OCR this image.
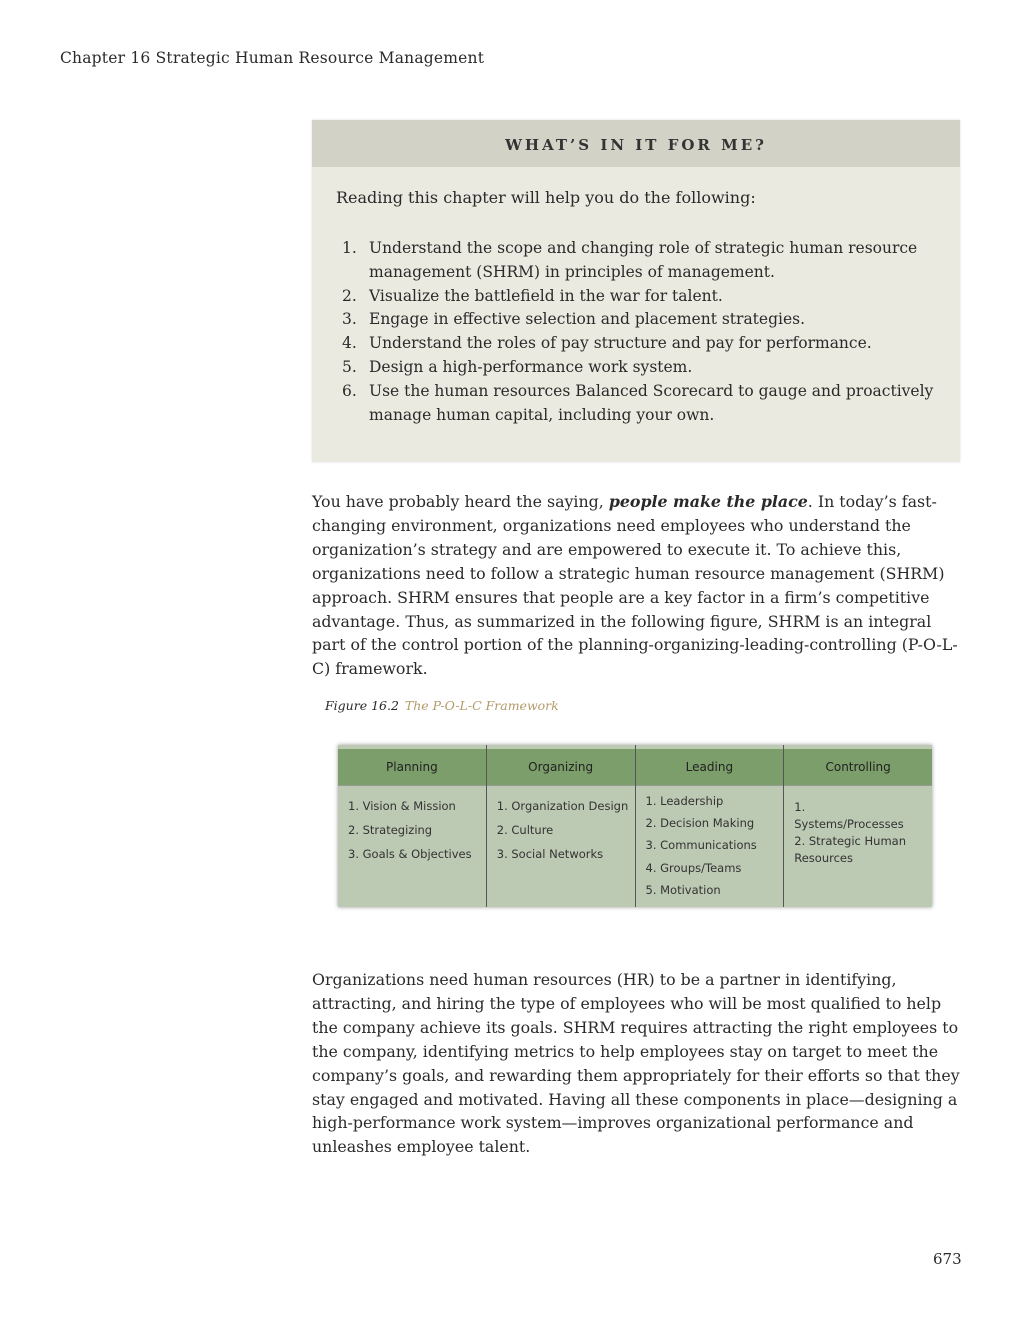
Chapter 16 Strategic Human Resource Management
WHAT’S IN IT FOR ME?
Reading this chapter will help you do the following:
1. Understand the scope and changing role of strategic human resource management (SHRM) in principles of management.
2. Visualize the battlefield in the war for talent.
3. Engage in effective selection and placement strategies.
4. Understand the roles of pay structure and pay for performance.
5. Design a high-performance work system.
6. Use the human resources Balanced Scorecard to gauge and proactively manage human capital, including your own.
You have probably heard the saying, people make the place. In today’s fast-changing environment, organizations need employees who understand the organization’s strategy and are empowered to execute it. To achieve this, organizations need to follow a strategic human resource management (SHRM) approach. SHRM ensures that people are a key factor in a firm’s competitive advantage. Thus, as summarized in the following figure, SHRM is an integral part of the control portion of the planning-organizing-leading-controlling (P-O-L-C) framework.
Figure 16.2 The P-O-L-C Framework
Planning
1. Vision & Mission
2. Strategizing
3. Goals & Objectives
Organizing
1. Organization Design
2. Culture
3. Social Networks
Leading
1. Leadership
2. Decision Making
3. Communications
4. Groups/Teams
5. Motivation
Controlling
1. Systems/Processes
2. Strategic Human Resources
Organizations need human resources (HR) to be a partner in identifying, attracting, and hiring the type of employees who will be most qualified to help the company achieve its goals. SHRM requires attracting the right employees to the company, identifying metrics to help employees stay on target to meet the company’s goals, and rewarding them appropriately for their efforts so that they stay engaged and motivated. Having all these components in place—designing a high-performance work system—improves organizational performance and unleashes employee talent.
673
